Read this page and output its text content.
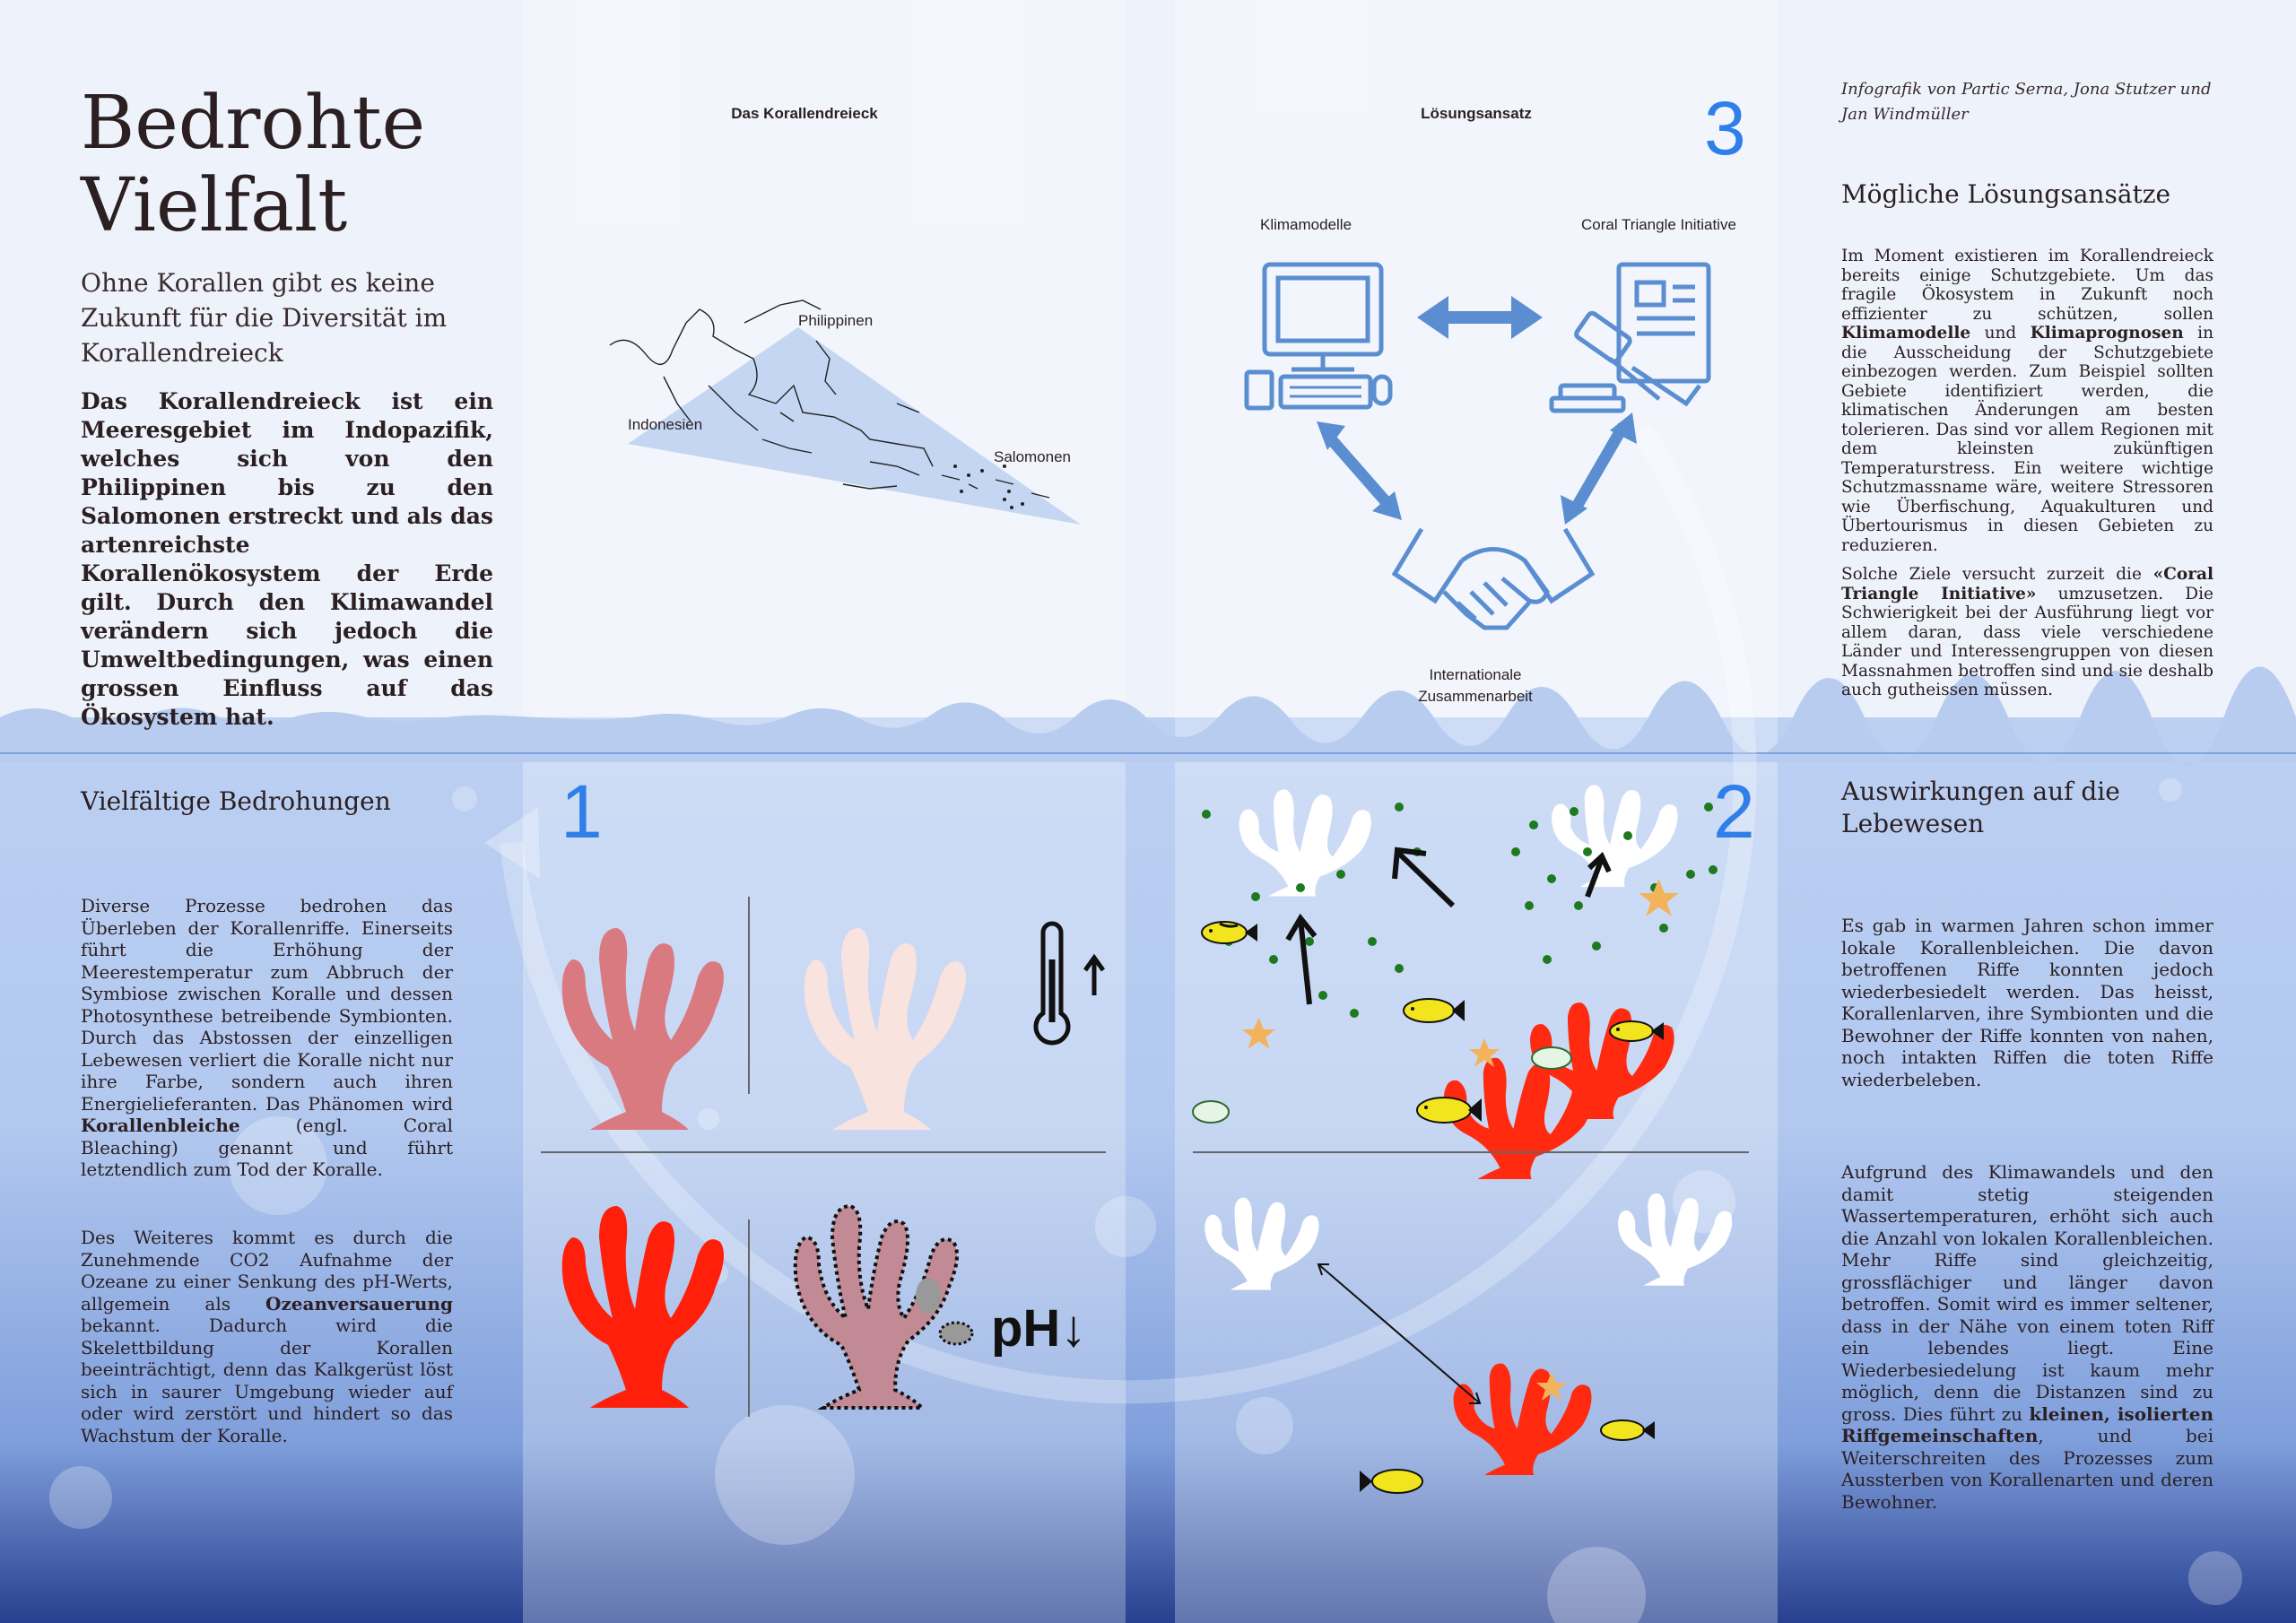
Bedrohte
Vielfalt
Ohne Korallen gibt es keine Zukunft für die Diversität im Korallendreieck
Das Korallendreieck ist ein Meeresgebiet im Indopazifik, welches sich von den Philippinen bis zu den Salomonen erstreckt und als das artenreichste Korallenökosystem der Erde gilt. Durch den Klimawandel verändern sich jedoch die Umweltbedingungen, was einen grossen Einfluss auf das Ökosystem hat.
Das Korallendreieck
Philippinen
Indonesien
Salomonen
Lösungsansatz	3
Klimamodelle	Coral Triangle Initiative
Internationale
Zusammenarbeit
Infografik von Partic Serna, Jona Stutzer und Jan Windmüller
Mögliche Lösungsansätze
Im Moment existieren im Korallendreieck bereits einige Schutzgebiete. Um das fragile Ökosystem in Zukunft noch effizienter zu schützen, sollen Klimamodelle und Klimaprognosen in die Ausscheidung der Schutzgebiete einbezogen werden. Zum Beispiel sollten Gebiete identifiziert werden, die klimatischen Änderungen am besten tolerieren. Das sind vor allem Regionen mit dem kleinsten zukünftigen Temperaturstress. Ein weitere wichtige Schutzmassname wäre, weitere Stressoren wie Überfischung, Aquakulturen und Übertourismus in diesen Gebieten zu reduzieren.
Solche Ziele versucht zurzeit die «Coral Triangle Initiative» umzusetzen. Die Schwierigkeit bei der Ausführung liegt vor allem daran, dass viele verschiedene Länder und Interessengruppen von diesen Massnahmen betroffen sind und sie deshalb auch gutheissen müssen.
Vielfältige Bedrohungen
Diverse Prozesse bedrohen das Überleben der Korallenriffe. Einerseits führt die Erhöhung der Meerestemperatur zum Abbruch der Symbiose zwischen Koralle und dessen Photosynthese betreibende Symbionten. Durch das Abstossen der einzelligen Lebewesen verliert die Koralle nicht nur ihre Farbe, sondern auch ihren Energielieferanten. Das Phänomen wird Korallenbleiche (engl. Coral Bleaching) genannt und führt letztendlich zum Tod der Koralle.
Des Weiteres kommt es durch die Zunehmende CO2 Aufnahme der Ozeane zu einer Senkung des pH-Werts, allgemein als Ozeanversauerung bekannt. Dadurch wird die Skelettbildung der Korallen beeinträchtigt, denn das Kalkgerüst löst sich in saurer Umgebung wieder auf oder wird zerstört und hindert so das Wachstum der Koralle.
1
pH↓
2	Auswirkungen auf die
Lebewesen
Es gab in warmen Jahren schon immer lokale Korallenbleichen. Die davon betroffenen Riffe konnten jedoch wiederbesiedelt werden. Das heisst, Korallenlarven, ihre Symbionten und die Bewohner der Riffe konnten von nahen, noch intakten Riffen die toten Riffe wiederbeleben.
Aufgrund des Klimawandels und den damit stetig steigenden Wassertemperaturen, erhöht sich auch die Anzahl von lokalen Korallenbleichen. Mehr Riffe sind gleichzeitig, grossflächiger und länger davon betroffen. Somit wird es immer seltener, dass in der Nähe von einem toten Riff ein lebendes liegt. Eine Wiederbesiedelung ist kaum mehr möglich, denn die Distanzen sind zu gross. Dies führt zu kleinen, isolierten Riffgemeinschaften, und bei Weiterschreiten des Prozesses zum Aussterben von Korallenarten und deren Bewohner.
